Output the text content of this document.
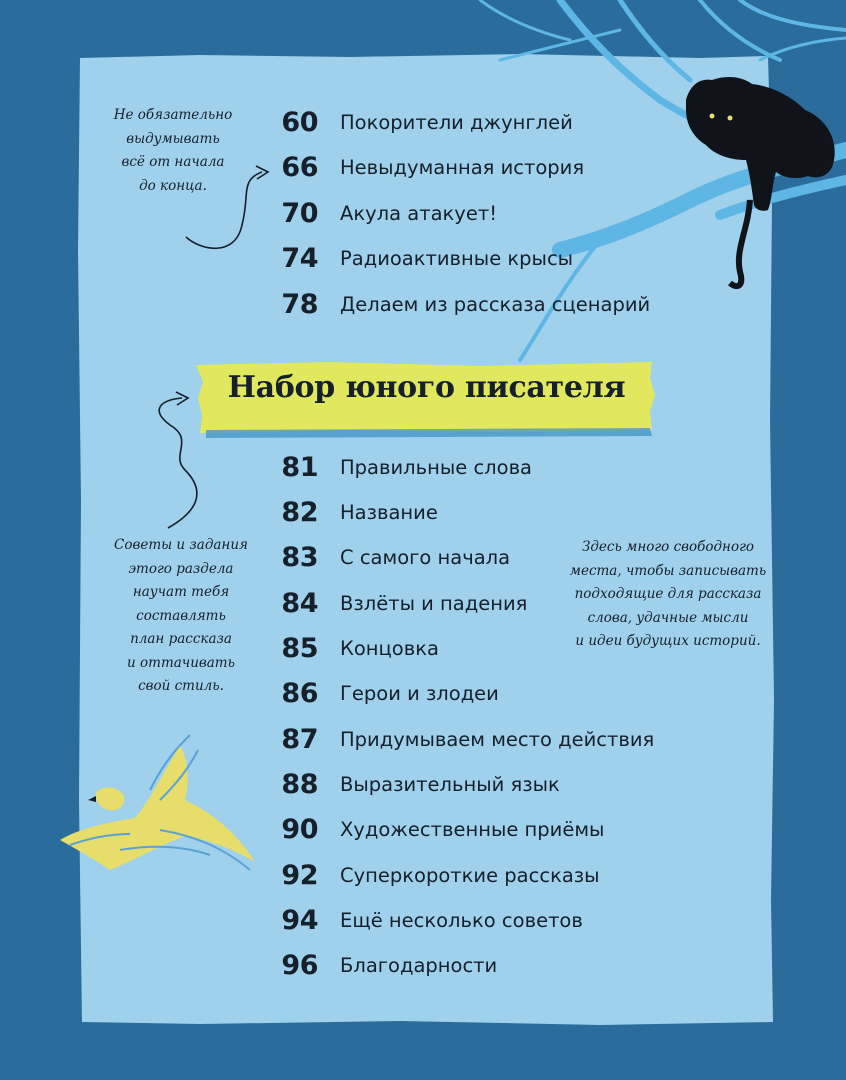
Набор юного писателя
Не обязательно
выдумывать
всё от начала
до конца.
Советы и задания
этого раздела
научат тебя
составлять
план рассказа
и оттачивать
свой стиль.
Здесь много свободного
места, чтобы записывать
подходящие для рассказа
слова, удачные мысли
и идеи будущих историй.
60 Покорители джунглей
66 Невыдуманная история
70 Акула атакует!
74 Радиоактивные крысы
78 Делаем из рассказа сценарий
81 Правильные слова
82 Название
83 С самого начала
84 Взлёты и падения
85 Концовка
86 Герои и злодеи
87 Придумываем место действия
88 Выразительный язык
90 Художественные приёмы
92 Суперкороткие рассказы
94 Ещё несколько советов
96 Благодарности
